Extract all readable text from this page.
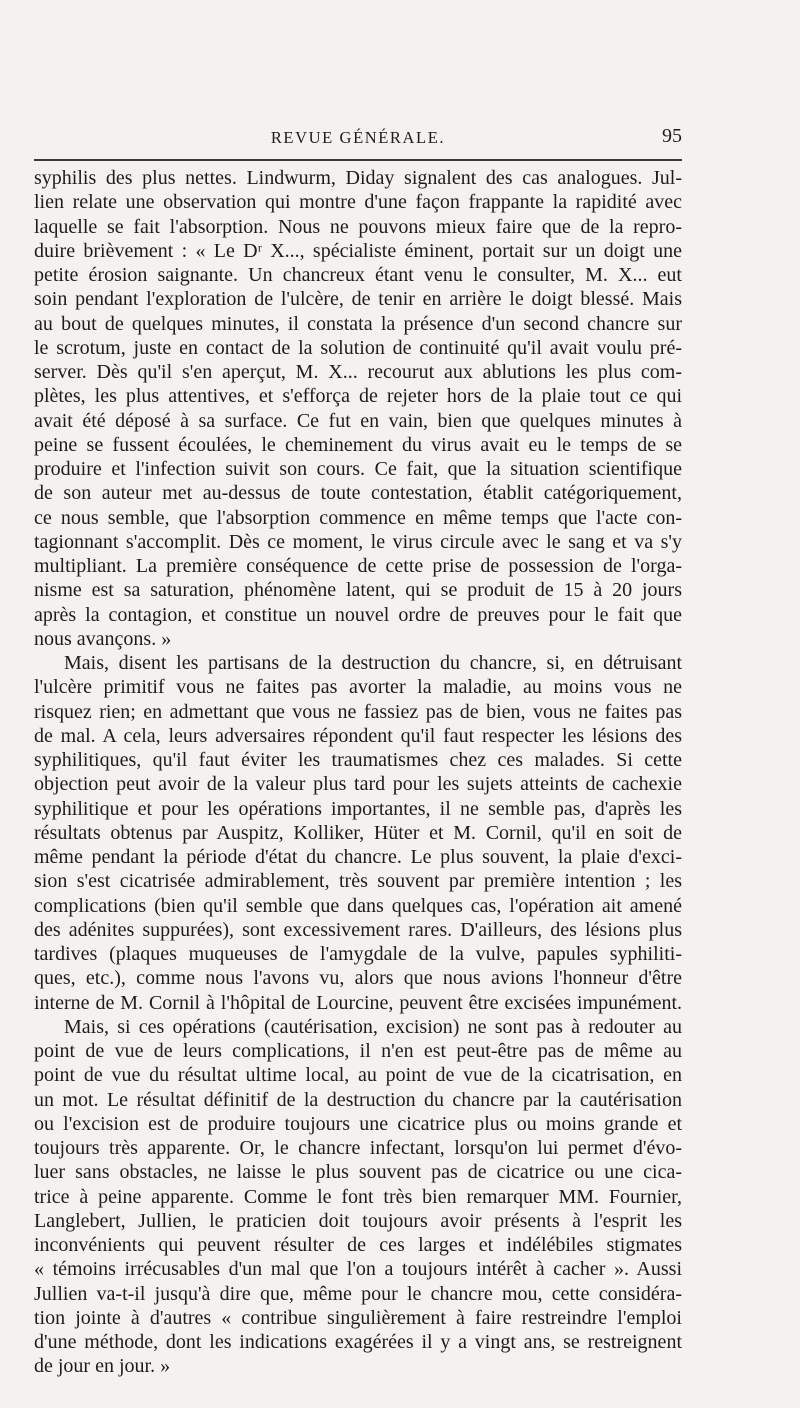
REVUE GÉNÉRALE.	95
syphilis des plus nettes. Lindwurm, Diday signalent des cas analogues. Jul-
lien relate une observation qui montre d'une façon frappante la rapidité avec
laquelle se fait l'absorption. Nous ne pouvons mieux faire que de la repro-
duire brièvement : « Le Dʳ X..., spécialiste éminent, portait sur un doigt une
petite érosion saignante. Un chancreux étant venu le consulter, M. X... eut
soin pendant l'exploration de l'ulcère, de tenir en arrière le doigt blessé. Mais
au bout de quelques minutes, il constata la présence d'un second chancre sur
le scrotum, juste en contact de la solution de continuité qu'il avait voulu pré-
server. Dès qu'il s'en aperçut, M. X... recourut aux ablutions les plus com-
plètes, les plus attentives, et s'efforça de rejeter hors de la plaie tout ce qui
avait été déposé à sa surface. Ce fut en vain, bien que quelques minutes à
peine se fussent écoulées, le cheminement du virus avait eu le temps de se
produire et l'infection suivit son cours. Ce fait, que la situation scientifique
de son auteur met au-dessus de toute contestation, établit catégoriquement,
ce nous semble, que l'absorption commence en même temps que l'acte con-
tagionnant s'accomplit. Dès ce moment, le virus circule avec le sang et va s'y
multipliant. La première conséquence de cette prise de possession de l'orga-
nisme est sa saturation, phénomène latent, qui se produit de 15 à 20 jours
après la contagion, et constitue un nouvel ordre de preuves pour le fait que
nous avançons. »
Mais, disent les partisans de la destruction du chancre, si, en détruisant
l'ulcère primitif vous ne faites pas avorter la maladie, au moins vous ne
risquez rien; en admettant que vous ne fassiez pas de bien, vous ne faites pas
de mal. A cela, leurs adversaires répondent qu'il faut respecter les lésions des
syphilitiques, qu'il faut éviter les traumatismes chez ces malades. Si cette
objection peut avoir de la valeur plus tard pour les sujets atteints de cachexie
syphilitique et pour les opérations importantes, il ne semble pas, d'après les
résultats obtenus par Auspitz, Kolliker, Hüter et M. Cornil, qu'il en soit de
même pendant la période d'état du chancre. Le plus souvent, la plaie d'exci-
sion s'est cicatrisée admirablement, très souvent par première intention ; les
complications (bien qu'il semble que dans quelques cas, l'opération ait amené
des adénites suppurées), sont excessivement rares. D'ailleurs, des lésions plus
tardives (plaques muqueuses de l'amygdale de la vulve, papules syphiliti-
ques, etc.), comme nous l'avons vu, alors que nous avions l'honneur d'être
interne de M. Cornil à l'hôpital de Lourcine, peuvent être excisées impunément.
Mais, si ces opérations (cautérisation, excision) ne sont pas à redouter au
point de vue de leurs complications, il n'en est peut-être pas de même au
point de vue du résultat ultime local, au point de vue de la cicatrisation, en
un mot. Le résultat définitif de la destruction du chancre par la cautérisation
ou l'excision est de produire toujours une cicatrice plus ou moins grande et
toujours très apparente. Or, le chancre infectant, lorsqu'on lui permet d'évo-
luer sans obstacles, ne laisse le plus souvent pas de cicatrice ou une cica-
trice à peine apparente. Comme le font très bien remarquer MM. Fournier,
Langlebert, Jullien, le praticien doit toujours avoir présents à l'esprit les
inconvénients qui peuvent résulter de ces larges et indélébiles stigmates
« témoins irrécusables d'un mal que l'on a toujours intérêt à cacher ». Aussi
Jullien va-t-il jusqu'à dire que, même pour le chancre mou, cette considéra-
tion jointe à d'autres « contribue singulièrement à faire restreindre l'emploi
d'une méthode, dont les indications exagérées il y a vingt ans, se restreignent
de jour en jour. »
